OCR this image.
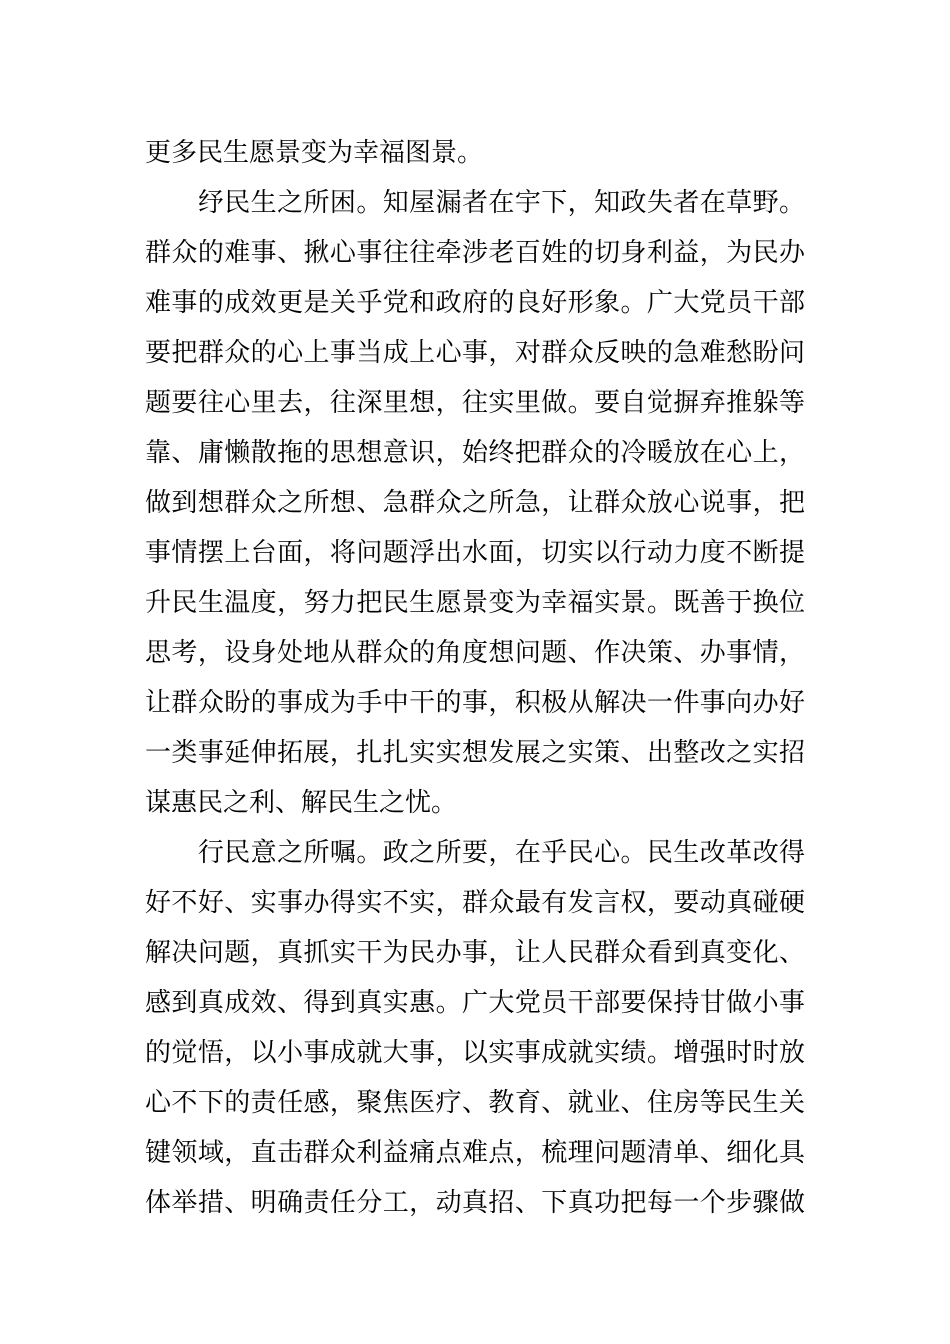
更多民生愿景变为幸福图景。
　　纾民生之所困。知屋漏者在宇下，知政失者在草野。
群众的难事、揪心事往往牵涉老百姓的切身利益，为民办
难事的成效更是关乎党和政府的良好形象。广大党员干部
要把群众的心上事当成上心事，对群众反映的急难愁盼问
题要往心里去，往深里想，往实里做。要自觉摒弃推躲等
靠、庸懒散拖的思想意识，始终把群众的冷暖放在心上，
做到想群众之所想、急群众之所急，让群众放心说事，把
事情摆上台面，将问题浮出水面，切实以行动力度不断提
升民生温度，努力把民生愿景变为幸福实景。既善于换位
思考，设身处地从群众的角度想问题、作决策、办事情，
让群众盼的事成为手中干的事，积极从解决一件事向办好
一类事延伸拓展，扎扎实实想发展之实策、出整改之实招
谋惠民之利、解民生之忧。
　　行民意之所嘱。政之所要，在乎民心。民生改革改得
好不好、实事办得实不实，群众最有发言权，要动真碰硬
解决问题，真抓实干为民办事，让人民群众看到真变化、
感到真成效、得到真实惠。广大党员干部要保持甘做小事
的觉悟，以小事成就大事，以实事成就实绩。增强时时放
心不下的责任感，聚焦医疗、教育、就业、住房等民生关
键领域，直击群众利益痛点难点，梳理问题清单、细化具
体举措、明确责任分工，动真招、下真功把每一个步骤做
